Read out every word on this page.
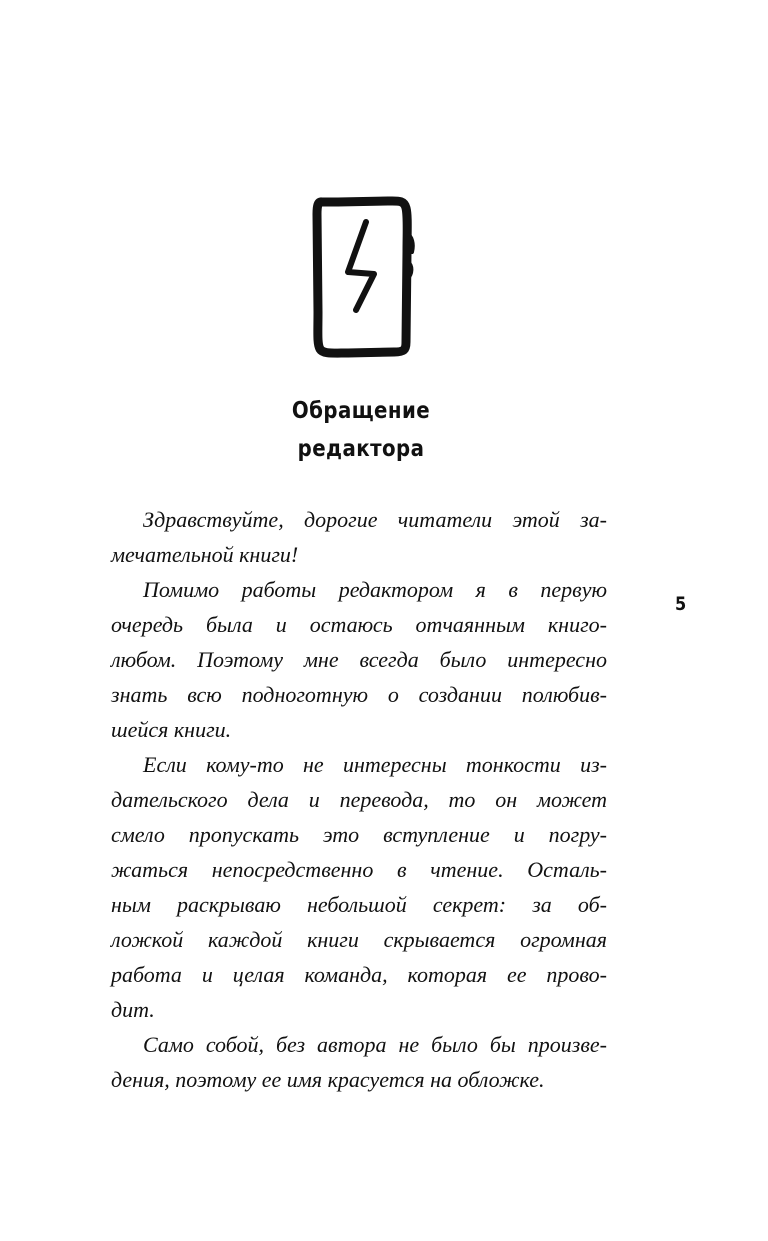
Обращение
редактора
5
Здравствуйте, дорогие читатели этой за-
мечательной книги!
Помимо работы редактором я в первую
очередь была и остаюсь отчаянным книго-
любом. Поэтому мне всегда было интересно
знать всю подноготную о создании полюбив-
шейся книги.
Если кому-то не интересны тонкости из-
дательского дела и перевода, то он может
смело пропускать это вступление и погру-
жаться непосредственно в чтение. Осталь-
ным раскрываю небольшой секрет: за об-
ложкой каждой книги скрывается огромная
работа и целая команда, которая ее прово-
дит.
Само собой, без автора не было бы произве-
дения, поэтому ее имя красуется на обложке.
